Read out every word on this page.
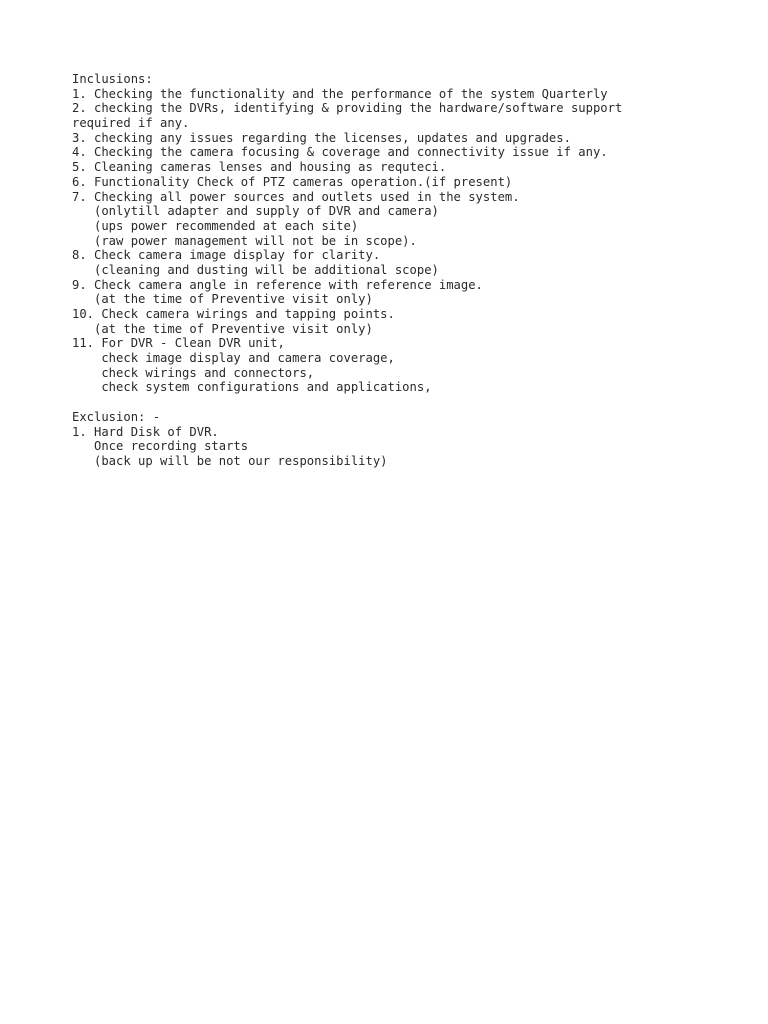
Inclusions:
1. Checking the functionality and the performance of the system Quarterly
2. checking the DVRs, identifying & providing the hardware/software support
required if any.
3. checking any issues regarding the licenses, updates and upgrades.
4. Checking the camera focusing & coverage and connectivity issue if any.
5. Cleaning cameras lenses and housing as requteci.
6. Functionality Check of PTZ cameras operation.(if present)
7. Checking all power sources and outlets used in the system.
(onlytill adapter and supply of DVR and camera)
(ups power recommended at each site)
(raw power management will not be in scope).
8. Check camera image display for clarity.
(cleaning and dusting will be additional scope)
9. Check camera angle in reference with reference image.
(at the time of Preventive visit only)
10. Check camera wirings and tapping points.
(at the time of Preventive visit only)
11. For DVR - Clean DVR unit,
check image display and camera coverage,
check wirings and connectors,
check system configurations and applications,
Exclusion: -
1. Hard Disk of DVR.
Once recording starts
(back up will be not our responsibility)
